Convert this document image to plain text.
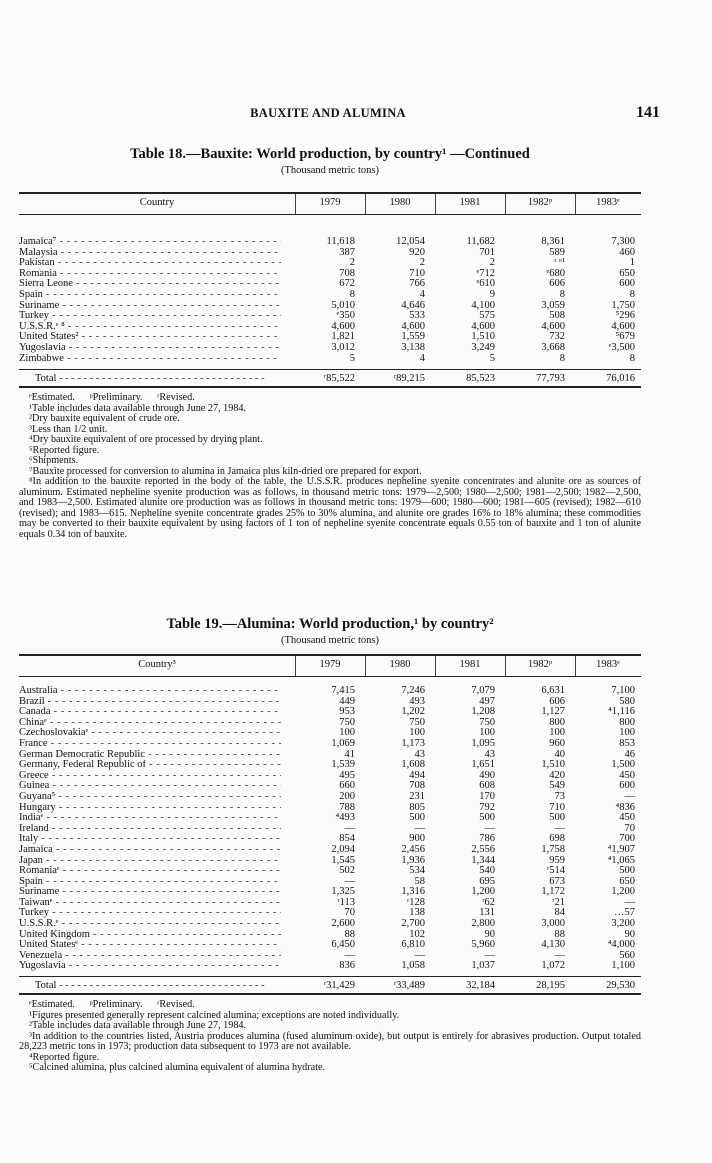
BAUXITE AND ALUMINA	141
Table 18.—Bauxite: World production, by country¹ —Continued
(Thousand metric tons)
Country	1979	1980	1981	1982ᵖ	1983ᵉ
Jamaica⁷ - - -	11,618	12,054	11,682	8,361	7,300
Malaysia - - -	387	920	701	589	460
Pakistan - - -	2	2	2	ʳ ᵉ¹	1
Romania - - -	708	710	ᵉ712	ᵉ680	650
Sierra Leone - - -	672	766	ᵉ610	606	600
Spain - - -	8	4	9	8	8
Suriname - - -	5,010	4,646	4,100	3,059	1,750
Turkey - - -	ᵉ350	533	575	508	⁵296
U.S.S.R.ᵉ ⁸ - - -	4,600	4,600	4,600	4,600	4,600
United States² - - -	1,821	1,559	1,510	732	⁵679
Yugoslavia - - -	3,012	3,138	3,249	3,668	ᵉ3,500
Zimbabwe - - -	5	4	5	8	8
Total - - -	ʳ85,522	ʳ89,215	85,523	77,793	76,016

ᵉEstimated. ᵖPreliminary. ʳRevised.

¹Table includes data available through June 27, 1984.

²Dry bauxite equivalent of crude ore.

³Less than 1/2 unit.

⁴Dry bauxite equivalent of ore processed by drying plant.

⁵Reported figure.

⁶Shipments.

⁷Bauxite processed for conversion to alumina in Jamaica plus kiln-dried ore prepared for export.

⁸In addition to the bauxite reported in the body of the table, the U.S.S.R. produces nepheline syenite concentrates and alunite ore as sources of aluminum. Estimated nepheline syenite production was as follows, in thousand metric tons: 1979—2,500; 1980—2,500; 1981—2,500; 1982—2,500, and 1983—2,500. Estimated alunite ore production was as follows in thousand metric tons: 1979—600; 1980—600; 1981—605 (revised); 1982—610 (revised); and 1983—615. Nepheline syenite concentrate grades 25% to 30% alumina, and alunite ore grades 16% to 18% alumina; these commodities may be converted to their bauxite equivalent by using factors of 1 ton of nepheline syenite concentrate equals 0.55 ton of bauxite and 1 ton of alunite equals 0.34 ton of bauxite.

Table 19.—Alumina: World production,¹ by country²
(Thousand metric tons)
Country³	1979	1980	1981	1982ᵖ	1983ᵉ
Australia - - -	7,415	7,246	7,079	6,631	7,100
Brazil - - -	449	493	497	606	580
Canada - - -	953	1,202	1,208	1,127	⁴1,116
Chinaᵉ - - -	750	750	750	800	800
Czechoslovakiaᵉ - - -	100	100	100	100	100
France - - -	1,069	1,173	1,095	960	853
German Democratic Republic - - -	41	43	43	40	46
Germany, Federal Republic of - - -	1,539	1,608	1,651	1,510	1,500
Greece - - -	495	494	490	420	450
Guinea - - -	660	708	608	549	600
Guyana⁵ - - -	200	231	170	73	—
Hungary - - -	788	805	792	710	⁴836
Indiaᵉ - - -	⁴493	500	500	500	450
Ireland - - -	—	—	—	—	70
Italy - - -	854	900	786	698	700
Jamaica - - -	2,094	2,456	2,556	1,758	⁴1,907
Japan - - -	1,545	1,936	1,344	959	⁴1,065
Romaniaᵉ - - -	502	534	540	ʳ514	500
Spain - - -	—	58	695	673	650
Suriname - - -	1,325	1,316	1,200	1,172	1,200
Taiwanᵉ - - -	ʳ113	ʳ128	ʳ62	ʳ21	—
Turkey - - -	70	138	131	84	…57
U.S.S.R.ᵉ - - -	2,600	2,700	2,800	3,000	3,200
United Kingdom - - -	88	102	90	88	90
United Statesᵉ - - -	6,450	6,810	5,960	4,130	⁴4,000
Venezuela - - -	—	—	—	—	560
Yugoslavia - - -	836	1,058	1,037	1,072	1,100
Total - - -	ʳ31,429	ʳ33,489	32,184	28,195	29,530

ᵉEstimated. ᵖPreliminary. ʳRevised.

¹Figures presented generally represent calcined alumina; exceptions are noted individually.

²Table includes data available through June 27, 1984.

³In addition to the countries listed, Austria produces alumina (fused aluminum oxide), but output is entirely for abrasives production. Output totaled 28,223 metric tons in 1973; production data subsequent to 1973 are not available.

⁴Reported figure.

⁵Calcined alumina, plus calcined alumina equivalent of alumina hydrate.
